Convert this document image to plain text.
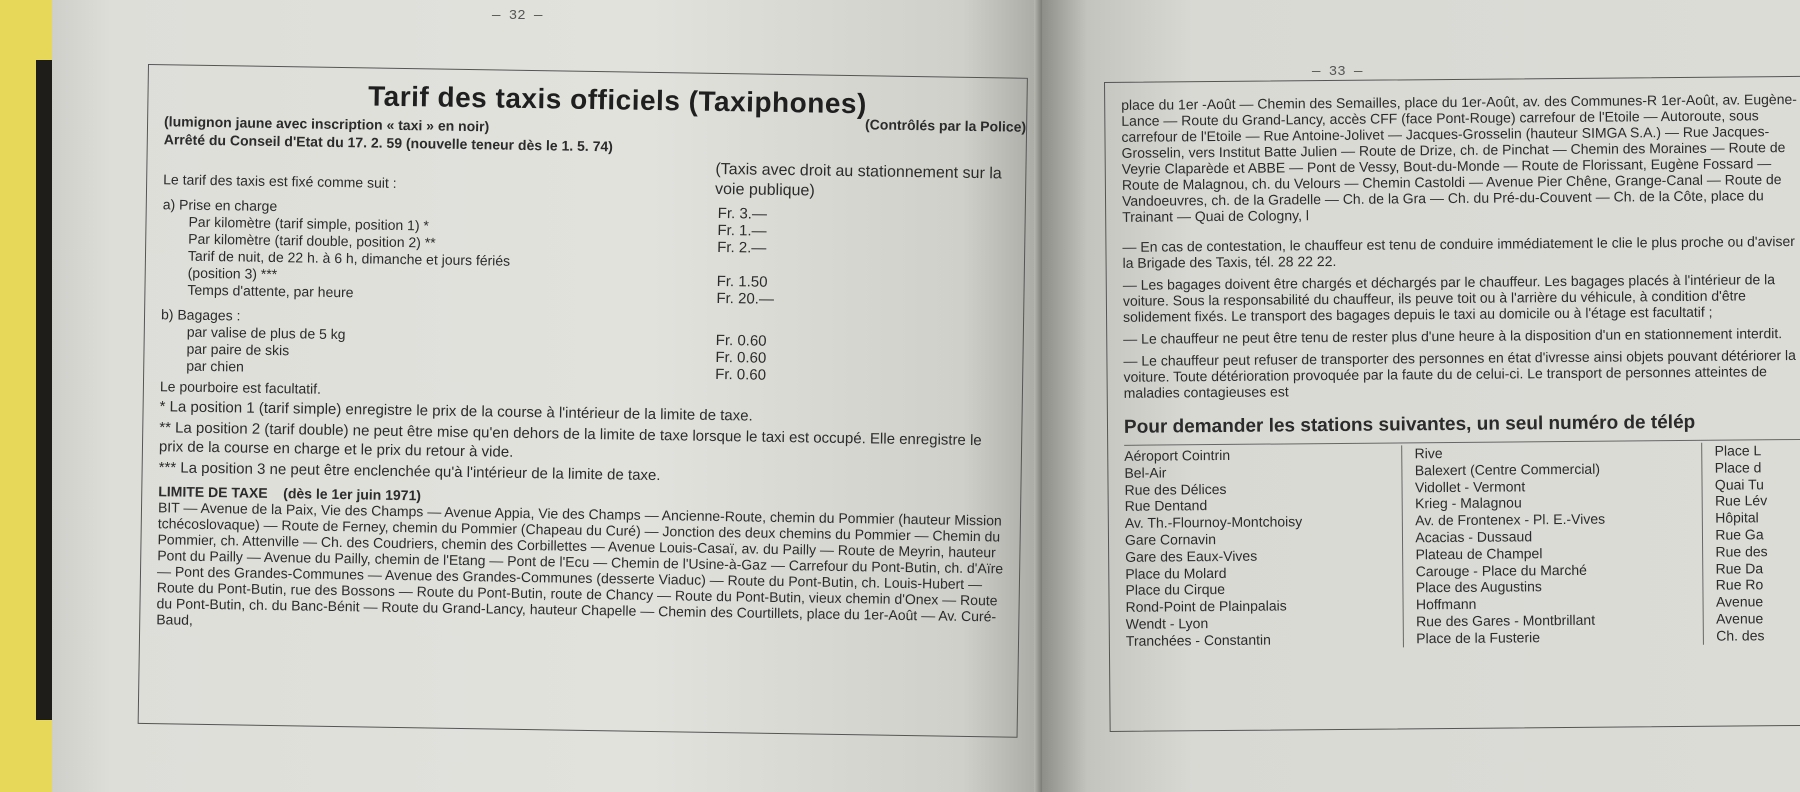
— 32 —
Tarif des taxis officiels (Taxiphones)
(Contrôlés par la Police)
(lumignon jaune avec inscription « taxi » en noir)
Arrêté du Conseil d'Etat du 17. 2. 59 (nouvelle teneur dès le 1. 5. 74)
(Taxis avec droit au stationnement sur la voie publique)
Le tarif des taxis est fixé comme suit :
a) Prise en charge	Fr. 3.—
Par kilomètre (tarif simple, position 1) *	Fr. 1.—
Par kilomètre (tarif double, position 2) **	Fr. 2.—
Tarif de nuit, de 22 h. à 6 h, dimanche et jours fériés
(position 3) ***	Fr. 1.50
Temps d'attente, par heure	Fr. 20.—
b) Bagages :
par valise de plus de 5 kg	Fr. 0.60
par paire de skis	Fr. 0.60
par chien	Fr. 0.60
Le pourboire est facultatif.
* La position 1 (tarif simple) enregistre le prix de la course à l'intérieur de la limite de taxe.
** La position 2 (tarif double) ne peut être mise qu'en dehors de la limite de taxe lorsque le taxi est occupé. Elle enregistre le prix de la course en charge et le prix du retour à vide.
*** La position 3 ne peut être enclenchée qu'à l'intérieur de la limite de taxe.
LIMITE DE TAXE (dès le 1er juin 1971)
BIT — Avenue de la Paix, Vie des Champs — Avenue Appia, Vie des Champs — Ancienne-Route, chemin du Pommier (hauteur Mission tchécoslovaque) — Route de Ferney, chemin du Pommier (Chapeau du Curé) — Jonction des deux chemins du Pommier — Chemin du Pommier, ch. Attenville — Ch. des Coudriers, chemin des Corbillettes — Avenue Louis-Casaï, av. du Pailly — Route de Meyrin, hauteur Pont du Pailly — Avenue du Pailly, chemin de l'Etang — Pont de l'Ecu — Chemin de l'Usine-à-Gaz — Carrefour du Pont-Butin, ch. d'Aïre — Pont des Grandes-Communes — Avenue des Grandes-Communes (desserte Viaduc) — Route du Pont-Butin, ch. Louis-Hubert — Route du Pont-Butin, rue des Bossons — Route du Pont-Butin, route de Chancy — Route du Pont-Butin, vieux chemin d'Onex — Route du Pont-Butin, ch. du Banc-Bénit — Route du Grand-Lancy, hauteur Chapelle — Chemin des Courtillets, place du 1er-Août — Av. Curé-Baud,
— 33 —
place du 1er -Août — Chemin des Semailles, place du 1er-Août, av. des Communes-R 1er-Août, av. Eugène-Lance — Route du Grand-Lancy, accès CFF (face Pont-Rouge) carrefour de l'Etoile — Autoroute, sous carrefour de l'Etoile — Rue Antoine-Jolivet — Jacques-Grosselin (hauteur SIMGA S.A.) — Rue Jacques-Grosselin, vers Institut Batte Julien — Route de Drize, ch. de Pinchat — Chemin des Moraines — Route de Veyrie Claparède et ABBE — Pont de Vessy, Bout-du-Monde — Route de Florissant, Eugène Fossard — Route de Malagnou, ch. du Velours — Chemin Castoldi — Avenue Pier Chêne, Grange-Canal — Route de Vandoeuvres, ch. de la Gradelle — Ch. de la Gra — Ch. du Pré-du-Couvent — Ch. de la Côte, place du Trainant — Quai de Cologny, l
— En cas de contestation, le chauffeur est tenu de conduire immédiatement le clie le plus proche ou d'aviser la Brigade des Taxis, tél. 28 22 22.
— Les bagages doivent être chargés et déchargés par le chauffeur. Les bagages placés à l'intérieur de la voiture. Sous la responsabilité du chauffeur, ils peuve toit ou à l'arrière du véhicule, à condition d'être solidement fixés. Le transport des bagages depuis le taxi au domicile ou à l'étage est facultatif ;
— Le chauffeur ne peut être tenu de rester plus d'une heure à la disposition d'un en stationnement interdit.
— Le chauffeur peut refuser de transporter des personnes en état d'ivresse ainsi objets pouvant détériorer la voiture. Toute détérioration provoquée par la faute du de celui-ci. Le transport de personnes atteintes de maladies contagieuses est
Pour demander les stations suivantes, un seul numéro de télép
Aéroport Cointrin
Bel-Air
Rue des Délices
Rue Dentand
Av. Th.-Flournoy-Montchoisy
Gare Cornavin
Gare des Eaux-Vives
Place du Molard
Place du Cirque
Rond-Point de Plainpalais
Wendt - Lyon
Tranchées - Constantin
Rive
Balexert (Centre Commercial)
Vidollet - Vermont
Krieg - Malagnou
Av. de Frontenex - Pl. E.-Vives
Acacias - Dussaud
Plateau de Champel
Carouge - Place du Marché
Place des Augustins
Hoffmann
Rue des Gares - Montbrillant
Place de la Fusterie
Place L
Place d
Quai Tu
Rue Lév
Hôpital
Rue Ga
Rue des
Rue Da
Rue Ro
Avenue
Avenue
Ch. des
